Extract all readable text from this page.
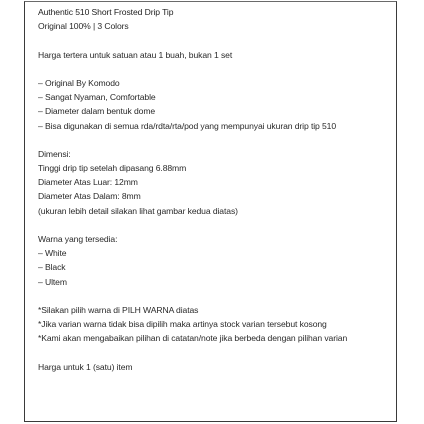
Authentic 510 Short Frosted Drip Tip
Original 100% | 3 Colors
Harga tertera untuk satuan atau 1 buah, bukan 1 set
– Original By Komodo
– Sangat Nyaman, Comfortable
– Diameter dalam bentuk dome
– Bisa digunakan di semua rda/rdta/rta/pod yang mempunyai ukuran drip tip 510
Dimensi:
Tinggi drip tip setelah dipasang 6.88mm
Diameter Atas Luar: 12mm
Diameter Atas Dalam: 8mm
(ukuran lebih detail silakan lihat gambar kedua diatas)
Warna yang tersedia:
– White
– Black
– Ultem
*Silakan pilih warna di PILH WARNA diatas
*Jika varian warna tidak bisa dipilih maka artinya stock varian tersebut kosong
*Kami akan mengabaikan pilihan di catatan/note jika berbeda dengan pilihan varian
Harga untuk 1 (satu) item
